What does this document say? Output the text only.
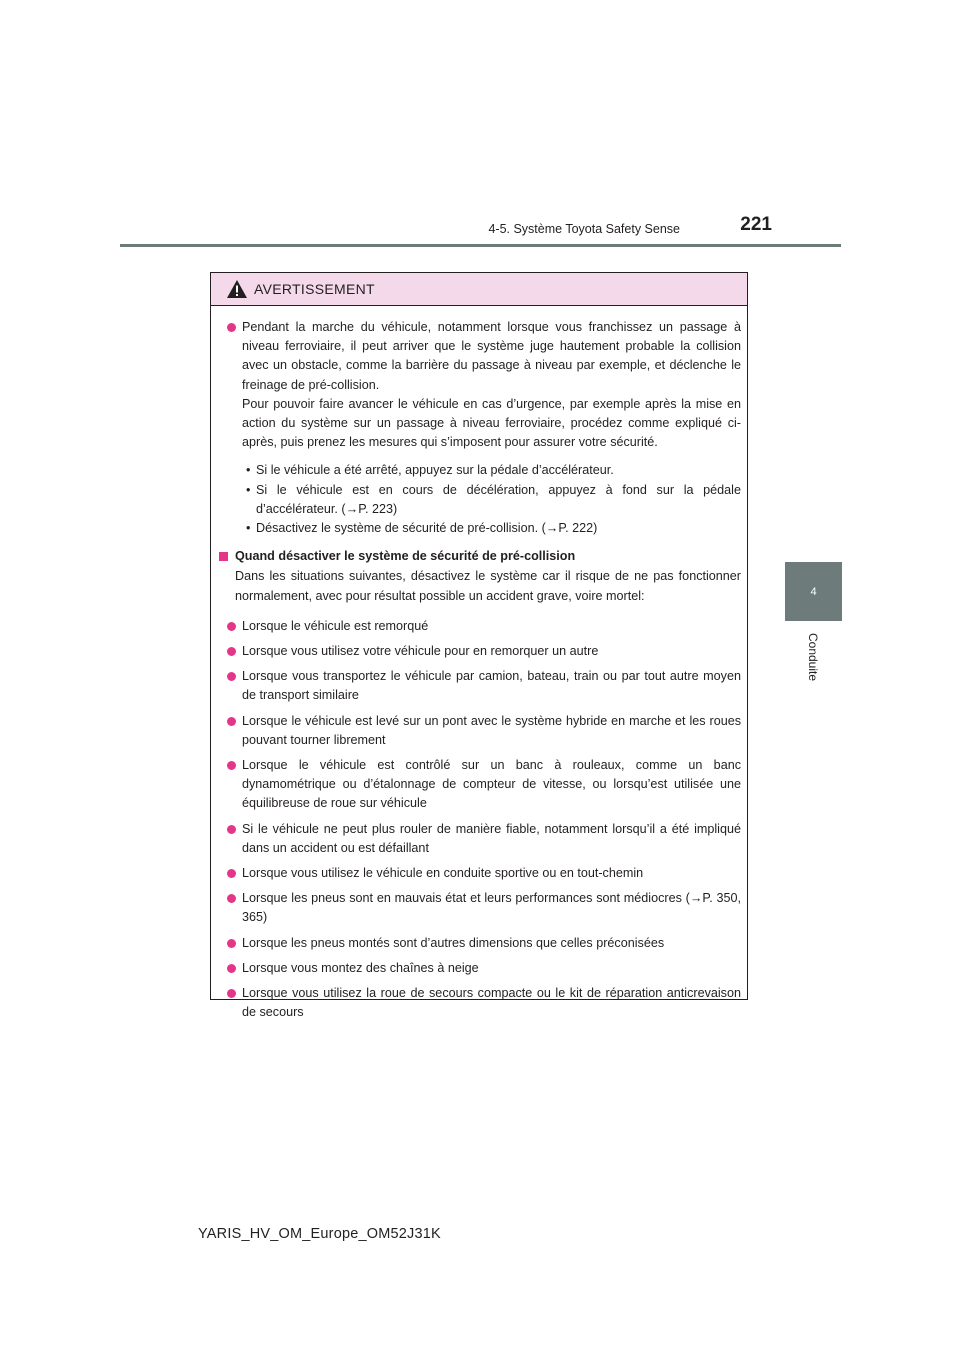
4-5. Système Toyota Safety Sense	221
4
Conduite
AVERTISSEMENT

Pendant la marche du véhicule, notamment lorsque vous franchissez un passage à niveau ferroviaire, il peut arriver que le système juge hautement probable la collision avec un obstacle, comme la barrière du passage à niveau par exemple, et déclenche le freinage de pré-collision.

Pour pouvoir faire avancer le véhicule en cas d’urgence, par exemple après la mise en action du système sur un passage à niveau ferroviaire, procédez comme expliqué ci-après, puis prenez les mesures qui s’imposent pour assurer votre sécurité.

• Si le véhicule a été arrêté, appuyez sur la pédale d’accélérateur.
• Si le véhicule est en cours de décélération, appuyez à fond sur la pédale d’accélérateur. (→P. 223)
• Désactivez le système de sécurité de pré-collision. (→P. 222)
Quand désactiver le système de sécurité de pré-collision
Dans les situations suivantes, désactivez le système car il risque de ne pas fonctionner normalement, avec pour résultat possible un accident grave, voire mortel:
Lorsque le véhicule est remorqué
Lorsque vous utilisez votre véhicule pour en remorquer un autre
Lorsque vous transportez le véhicule par camion, bateau, train ou par tout autre moyen de transport similaire
Lorsque le véhicule est levé sur un pont avec le système hybride en marche et les roues pouvant tourner librement
Lorsque le véhicule est contrôlé sur un banc à rouleaux, comme un banc dynamométrique ou d’étalonnage de compteur de vitesse, ou lorsqu’est utilisée une équilibreuse de roue sur véhicule
Si le véhicule ne peut plus rouler de manière fiable, notamment lorsqu’il a été impliqué dans un accident ou est défaillant
Lorsque vous utilisez le véhicule en conduite sportive ou en tout-chemin
Lorsque les pneus sont en mauvais état et leurs performances sont médiocres (→P. 350, 365)
Lorsque les pneus montés sont d’autres dimensions que celles préconisées
Lorsque vous montez des chaînes à neige
Lorsque vous utilisez la roue de secours compacte ou le kit de réparation anticrevaison de secours
YARIS_HV_OM_Europe_OM52J31K
